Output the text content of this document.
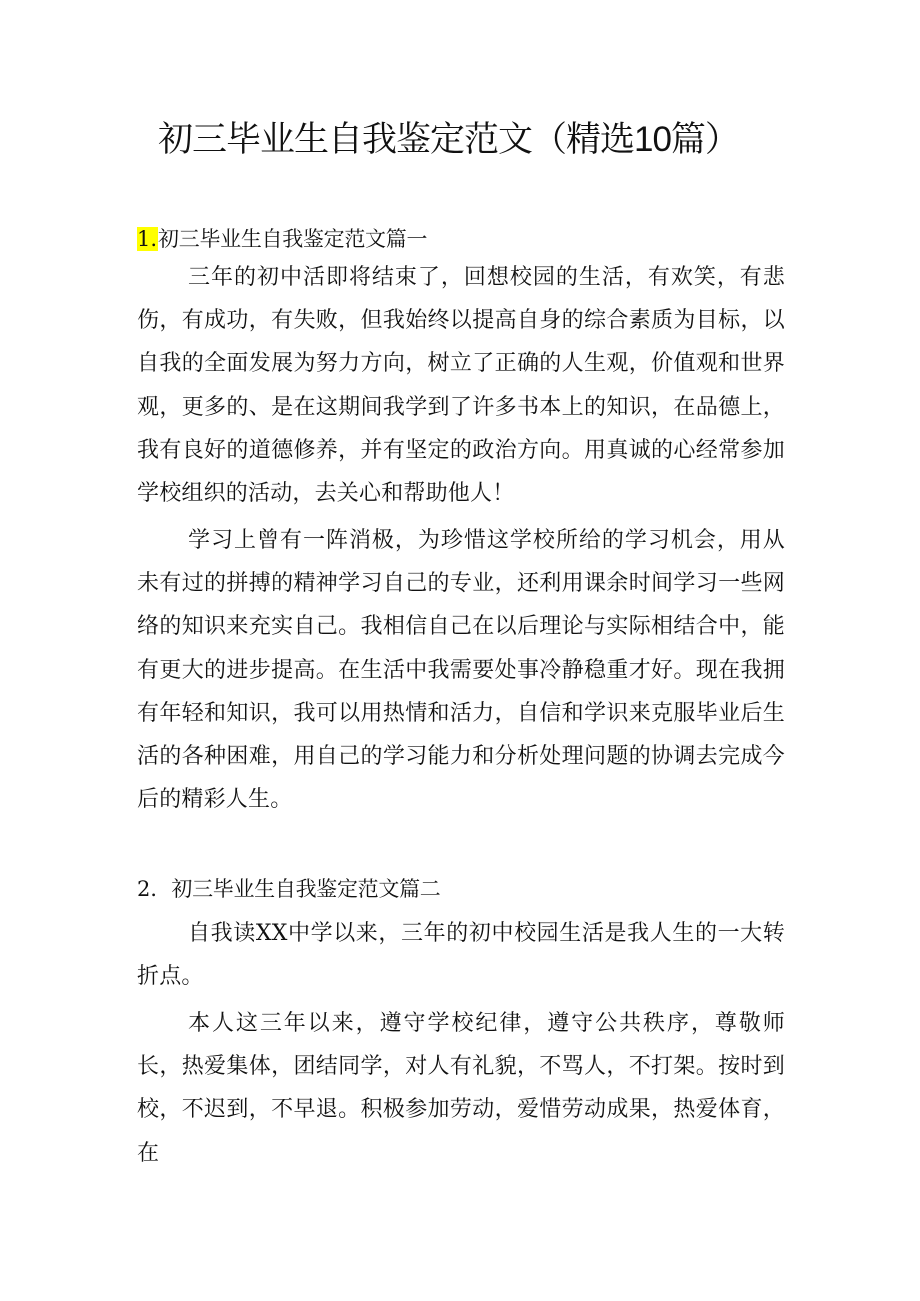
初三毕业生自我鉴定范文（精选10篇）
1.初三毕业生自我鉴定范文篇一

三年的初中活即将结束了，回想校园的生活，有欢笑，有悲伤，有成功，有失败，但我始终以提高自身的综合素质为目标，以自我的全面发展为努力方向，树立了正确的人生观，价值观和世界观，更多的、是在这期间我学到了许多书本上的知识，在品德上，我有良好的道德修养，并有坚定的政治方向。用真诚的心经常参加学校组织的活动，去关心和帮助他人！

学习上曾有一阵消极，为珍惜这学校所给的学习机会，用从未有过的拼搏的精神学习自己的专业，还利用课余时间学习一些网络的知识来充实自己。我相信自己在以后理论与实际相结合中，能有更大的进步提高。在生活中我需要处事冷静稳重才好。现在我拥有年轻和知识，我可以用热情和活力，自信和学识来克服毕业后生活的各种困难，用自己的学习能力和分析处理问题的协调去完成今后的精彩人生。

2．初三毕业生自我鉴定范文篇二

自我读XX中学以来，三年的初中校园生活是我人生的一大转折点。

本人这三年以来，遵守学校纪律，遵守公共秩序，尊敬师长，热爱集体，团结同学，对人有礼貌，不骂人，不打架。按时到校，不迟到，不早退。积极参加劳动，爱惜劳动成果，热爱体育，在
